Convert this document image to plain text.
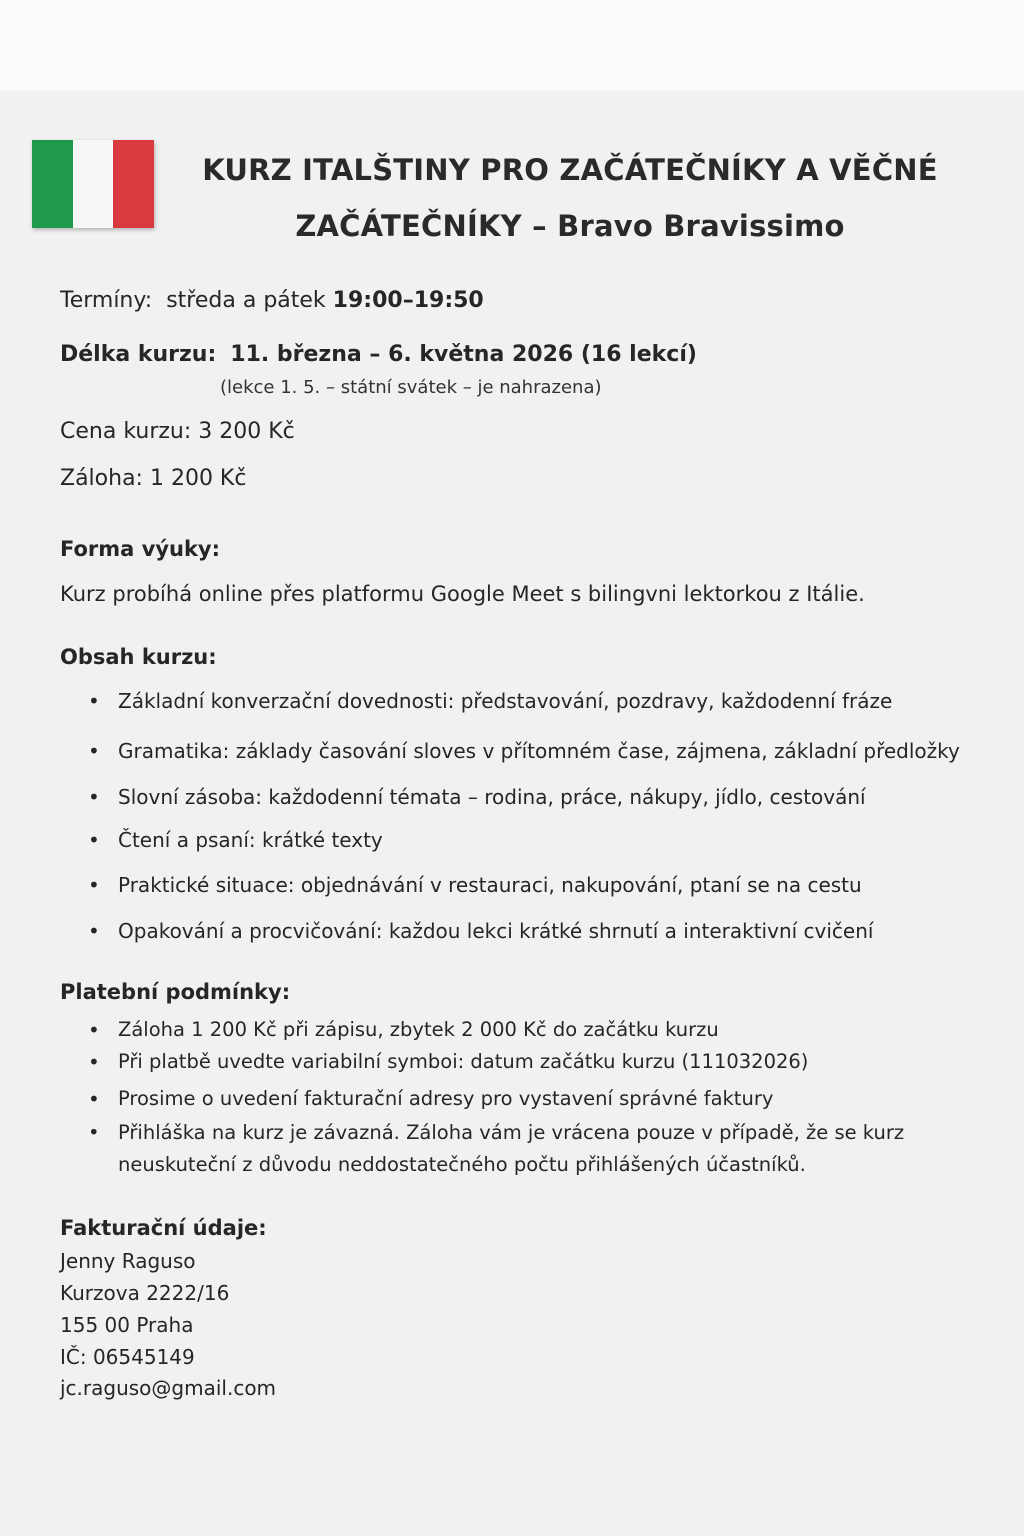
KURZ ITALŠTINY PRO ZAČÁTEČNÍKY A VĚČNÉ
ZAČÁTEČNÍKY – Bravo Bravissimo
Termíny: středa a pátek 19:00–19:50
Délka kurzu: 11. března – 6. května 2026 (16 lekcí)
(lekce 1. 5. – státní svátek – je nahrazena)
Cena kurzu: 3 200 Kč
Záloha: 1 200 Kč
Forma výuky:
Kurz probíhá online přes platformu Google Meet s bilingvni lektorkou z Itálie.
Obsah kurzu:
• Základní konverzační dovednosti: představování, pozdravy, každodenní fráze
• Gramatika: základy časování sloves v přítomném čase, zájmena, základní předložky
• Slovní zásoba: každodenní témata – rodina, práce, nákupy, jídlo, cestování
• Čtení a psaní: krátké texty
• Praktické situace: objednávání v restauraci, nakupování, ptaní se na cestu
• Opakování a procvičování: každou lekci krátké shrnutí a interaktivní cvičení
Platební podmínky:
• Záloha 1 200 Kč při zápisu, zbytek 2 000 Kč do začátku kurzu
• Při platbě uvedte variabilní symboi: datum začátku kurzu (111032026)
• Prosime o uvedení fakturační adresy pro vystavení správné faktury
• Přihláška na kurz je závazná. Záloha vám je vrácena pouze v případě, že se kurz neuskuteční z důvodu neddostatečného počtu přihlášených účastníků.
Fakturační údaje:
Jenny Raguso
Kurzova 2222/16
155 00 Praha
IČ: 06545149
jc.raguso@gmail.com
